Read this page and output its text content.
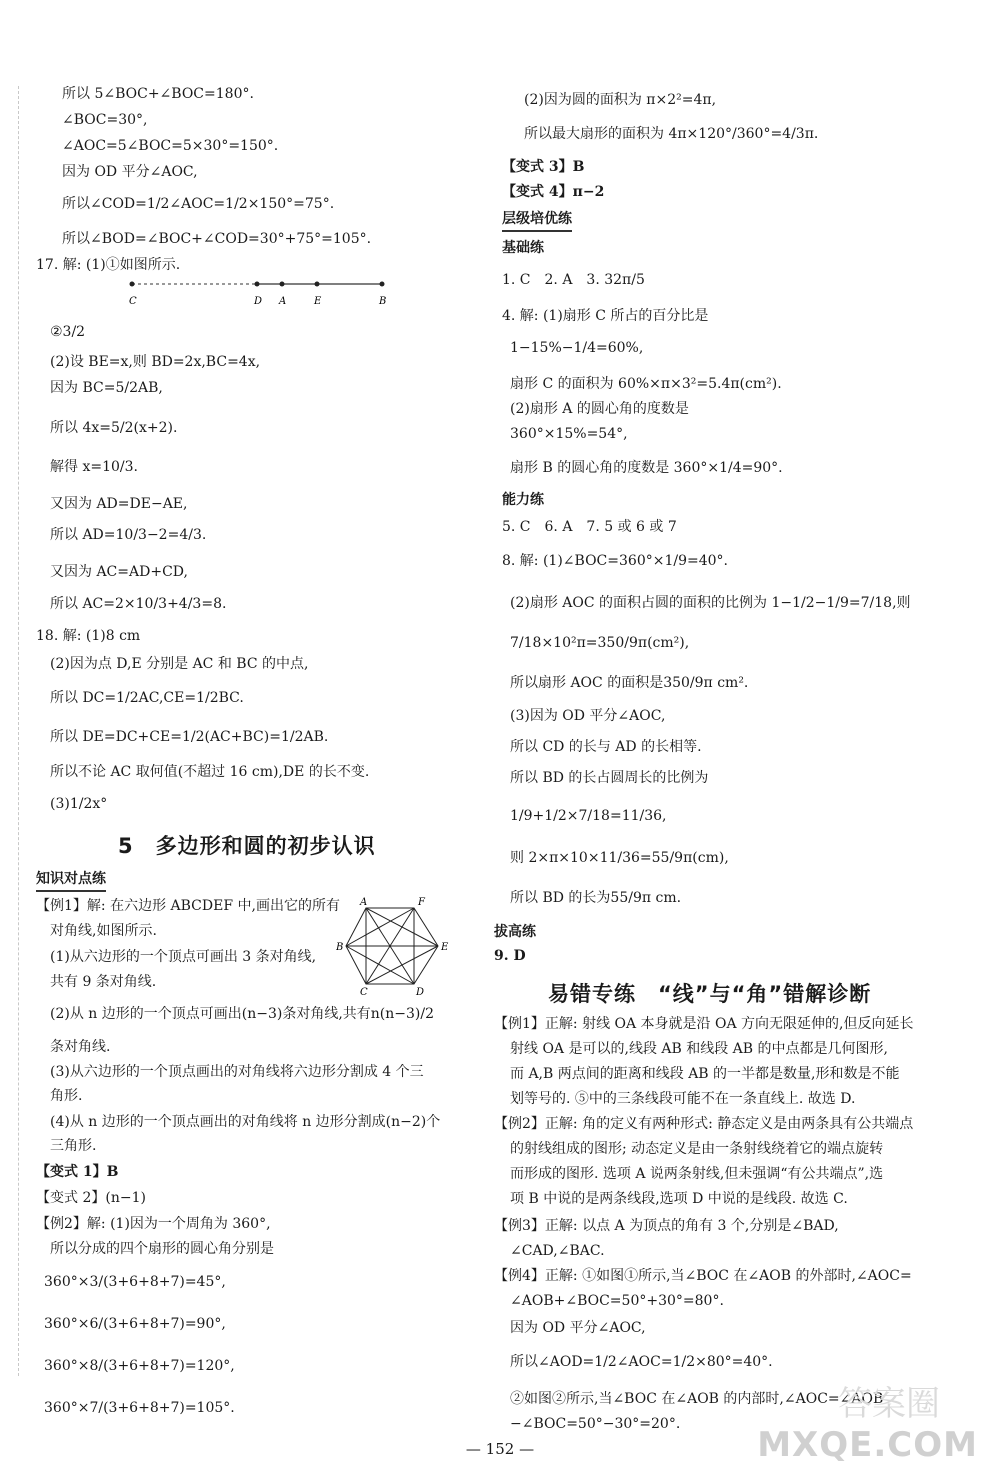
所以 5∠BOC+∠BOC=180°.
∠BOC=30°,
∠AOC=5∠BOC=5×30°=150°.
因为 OD 平分∠AOC,
所以∠COD=1/2∠AOC=1/2×150°=75°.
所以∠BOD=∠BOC+∠COD=30°+75°=105°.
17. 解: (1)①如图所示.
C	D A	E	B
②3/2
(2)设 BE=x,则 BD=2x,BC=4x,
因为 BC=5/2AB,
所以 4x=5/2(x+2).
解得 x=10/3.
又因为 AD=DE−AE,
所以 AD=10/3−2=4/3.
又因为 AC=AD+CD,
所以 AC=2×10/3+4/3=8.
18. 解: (1)8 cm
(2)因为点 D,E 分别是 AC 和 BC 的中点,
所以 DC=1/2AC,CE=1/2BC.
所以 DE=DC+CE=1/2(AC+BC)=1/2AB.
所以不论 AC 取何值(不超过 16 cm),DE 的长不变.
(3)1/2x°
5　多边形和圆的初步认识
知识对点练
【例1】解: 在六边形 ABCDEF 中,画出它的所有
对角线,如图所示.
(1)从六边形的一个顶点可画出 3 条对角线,
共有 9 条对角线.
A	F
B	E
C	D
(2)从 n 边形的一个顶点可画出(n−3)条对角线,共有n(n−3)/2
条对角线.
(3)从六边形的一个顶点画出的对角线将六边形分割成 4 个三
角形.
(4)从 n 边形的一个顶点画出的对角线将 n 边形分割成(n−2)个
三角形.
【变式 1】B
【变式 2】(n−1)
【例2】解: (1)因为一个周角为 360°,
所以分成的四个扇形的圆心角分别是
360°×3/(3+6+8+7)=45°,
360°×6/(3+6+8+7)=90°,
360°×8/(3+6+8+7)=120°,
360°×7/(3+6+8+7)=105°.
(2)因为圆的面积为 π×2²=4π,
所以最大扇形的面积为 4π×120°/360°=4/3π.
【变式 3】B
【变式 4】π−2
层级培优练
基础练
1. C　2. A　3. 32π/5
4. 解: (1)扇形 C 所占的百分比是
1−15%−1/4=60%,
扇形 C 的面积为 60%×π×3²=5.4π(cm²).
(2)扇形 A 的圆心角的度数是
360°×15%=54°,
扇形 B 的圆心角的度数是 360°×1/4=90°.
能力练
5. C　6. A　7. 5 或 6 或 7
8. 解: (1)∠BOC=360°×1/9=40°.
(2)扇形 AOC 的面积占圆的面积的比例为 1−1/2−1/9=7/18,则
7/18×10²π=350/9π(cm²),
所以扇形 AOC 的面积是350/9π cm².
(3)因为 OD 平分∠AOC,
所以 CD 的长与 AD 的长相等.
所以 BD 的长占圆周长的比例为
1/9+1/2×7/18=11/36,
则 2×π×10×11/36=55/9π(cm),
所以 BD 的长为55/9π cm.
拔高练
9. D
易错专练　“线”与“角”错解诊断
【例1】正解: 射线 OA 本身就是沿 OA 方向无限延伸的,但反向延长
射线 OA 是可以的,线段 AB 和线段 AB 的中点都是几何图形,
而 A,B 两点间的距离和线段 AB 的一半都是数量,形和数是不能
划等号的. ⑤中的三条线段可能不在一条直线上. 故选 D.
【例2】正解: 角的定义有两种形式: 静态定义是由两条具有公共端点
的射线组成的图形; 动态定义是由一条射线绕着它的端点旋转
而形成的图形. 选项 A 说两条射线,但未强调“有公共端点”,选
项 B 中说的是两条线段,选项 D 中说的是线段. 故选 C.
【例3】正解: 以点 A 为顶点的角有 3 个,分别是∠BAD,
∠CAD,∠BAC.
【例4】正解: ①如图①所示,当∠BOC 在∠AOB 的外部时,∠AOC=
∠AOB+∠BOC=50°+30°=80°.
因为 OD 平分∠AOC,
所以∠AOD=1/2∠AOC=1/2×80°=40°.
②如图②所示,当∠BOC 在∠AOB 的内部时,∠AOC=∠AOB
−∠BOC=50°−30°=20°.
— 152 —
答案圈
MXQE.COM
